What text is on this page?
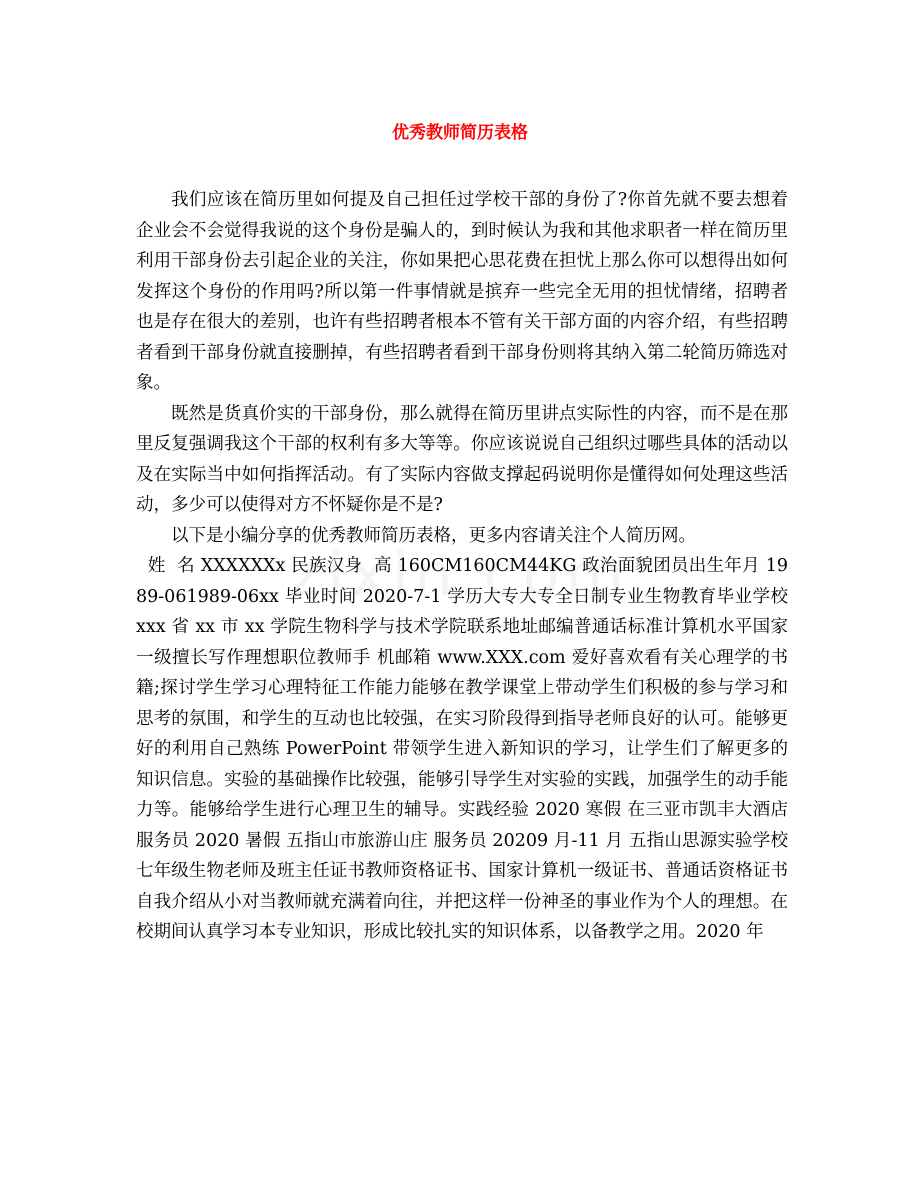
优秀教师简历表格

我们应该在简历里如何提及自己担任过学校干部的身份了?你首先就不要去想着企业会不会觉得我说的这个身份是骗人的，到时候认为我和其他求职者一样在简历里利用干部身份去引起企业的关注，你如果把心思花费在担忧上那么你可以想得出如何发挥这个身份的作用吗?所以第一件事情就是摈弃一些完全无用的担忧情绪，招聘者也是存在很大的差别，也许有些招聘者根本不管有关干部方面的内容介绍，有些招聘者看到干部身份就直接删掉，有些招聘者看到干部身份则将其纳入第二轮简历筛选对象。

既然是货真价实的干部身份，那么就得在简历里讲点实际性的内容，而不是在那里反复强调我这个干部的权利有多大等等。你应该说说自己组织过哪些具体的活动以及在实际当中如何指挥活动。有了实际内容做支撑起码说明你是懂得如何处理这些活动，多少可以使得对方不怀疑你是不是?

以下是小编分享的优秀教师简历表格，更多内容请关注个人简历网。

姓  名 XXXXXXx 民族汉身  高 160CM160CM44KG 政治面貌团员出生年月 1989-061989-06xx 毕业时间 2020-7-1 学历大专大专全日制专业生物教育毕业学校 xxx 省 xx 市 xx 学院生物科学与技术学院联系地址邮编普通话标准计算机水平国家一级擅长写作理想职位教师手 机邮箱 www.XXX.com 爱好喜欢看有关心理学的书籍;探讨学生学习心理特征工作能力能够在教学课堂上带动学生们积极的参与学习和思考的氛围，和学生的互动也比较强，在实习阶段得到指导老师良好的认可。能够更好的利用自己熟练 PowerPoint 带领学生进入新知识的学习，让学生们了解更多的知识信息。实验的基础操作比较强，能够引导学生对实验的实践，加强学生的动手能力等。能够给学生进行心理卫生的辅导。实践经验 2020 寒假 在三亚市凯丰大酒店服务员 2020 暑假 五指山市旅游山庄 服务员 20209 月-11 月 五指山思源实验学校 七年级生物老师及班主任证书教师资格证书、国家计算机一级证书、普通话资格证书自我介绍从小对当教师就充满着向往，并把这样一份神圣的事业作为个人的理想。在校期间认真学习本专业知识，形成比较扎实的知识体系，以备教学之用。2020 年
